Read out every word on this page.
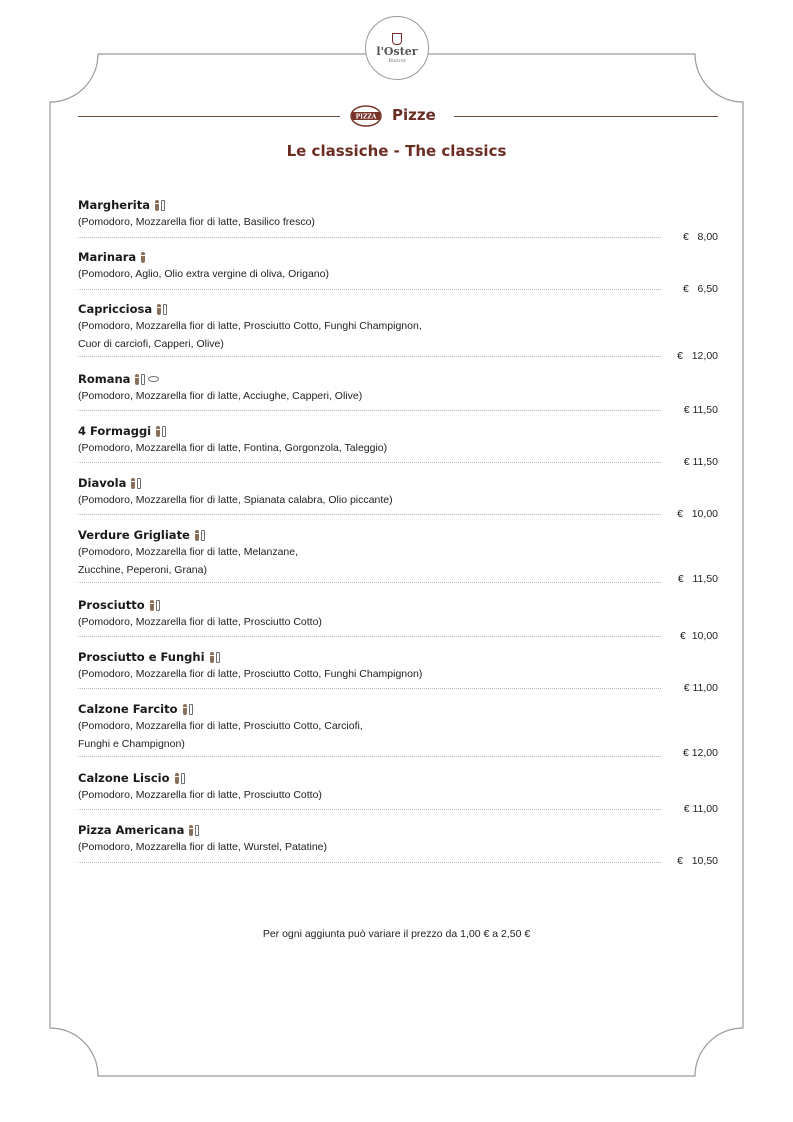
l'Oster
Bistrot
PIZZA Pizze
Le classiche - The classics
Margherita
(Pomodoro, Mozzarella fior di latte, Basilico fresco)
€   8,00
Marinara
(Pomodoro, Aglio, Olio extra vergine di oliva, Origano)
€   6,50
Capricciosa
(Pomodoro, Mozzarella fior di latte, Prosciutto Cotto, Funghi Champignon,
Cuor di carciofi, Capperi, Olive)
€   12,00
Romana
(Pomodoro, Mozzarella fior di latte, Acciughe, Capperi, Olive)
€ 11,50
4 Formaggi
(Pomodoro, Mozzarella fior di latte, Fontina, Gorgonzola, Taleggio)
€ 11,50
Diavola
(Pomodoro, Mozzarella fior di latte, Spianata calabra, Olio piccante)
€   10,00
Verdure Grigliate
(Pomodoro, Mozzarella fior di latte, Melanzane,
Zucchine, Peperoni, Grana)
€   11,50
Prosciutto
(Pomodoro, Mozzarella fior di latte, Prosciutto Cotto)
€  10,00
Prosciutto e Funghi
(Pomodoro, Mozzarella fior di latte, Prosciutto Cotto, Funghi Champignon)
€ 11,00
Calzone Farcito
(Pomodoro, Mozzarella fior di latte, Prosciutto Cotto, Carciofi,
Funghi e Champignon)
€ 12,00
Calzone Liscio
(Pomodoro, Mozzarella fior di latte, Prosciutto Cotto)
€ 11,00
Pizza Americana
(Pomodoro, Mozzarella fior di latte, Wurstel, Patatine)
€   10,50
Per ogni aggiunta può variare il prezzo da 1,00 € a 2,50 €
